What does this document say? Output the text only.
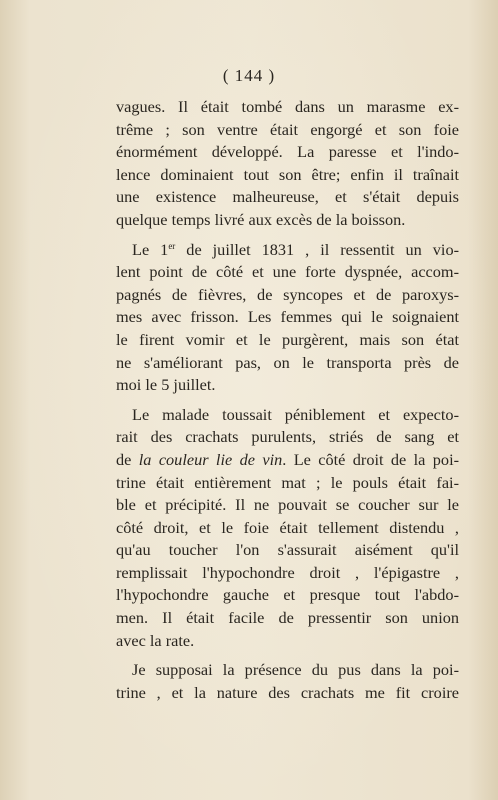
( 144 )
vagues. Il était tombé dans un marasme ex-
trême ; son ventre était engorgé et son foie
énormément développé. La paresse et l'indo-
lence dominaient tout son être; enfin il traînait
une existence malheureuse, et s'était depuis
quelque temps livré aux excès de la boisson.
Le 1er de juillet 1831 , il ressentit un vio-
lent point de côté et une forte dyspnée, accom-
pagnés de fièvres, de syncopes et de paroxys-
mes avec frisson. Les femmes qui le soignaient
le firent vomir et le purgèrent, mais son état
ne s'améliorant pas, on le transporta près de
moi le 5 juillet.
Le malade toussait péniblement et expecto-
rait des crachats purulents, striés de sang et
de la couleur lie de vin. Le côté droit de la poi-
trine était entièrement mat ; le pouls était fai-
ble et précipité. Il ne pouvait se coucher sur le
côté droit, et le foie était tellement distendu ,
qu'au toucher l'on s'assurait aisément qu'il
remplissait l'hypochondre droit , l'épigastre ,
l'hypochondre gauche et presque tout l'abdo-
men. Il était facile de pressentir son union
avec la rate.
Je supposai la présence du pus dans la poi-
trine , et la nature des crachats me fit croire
